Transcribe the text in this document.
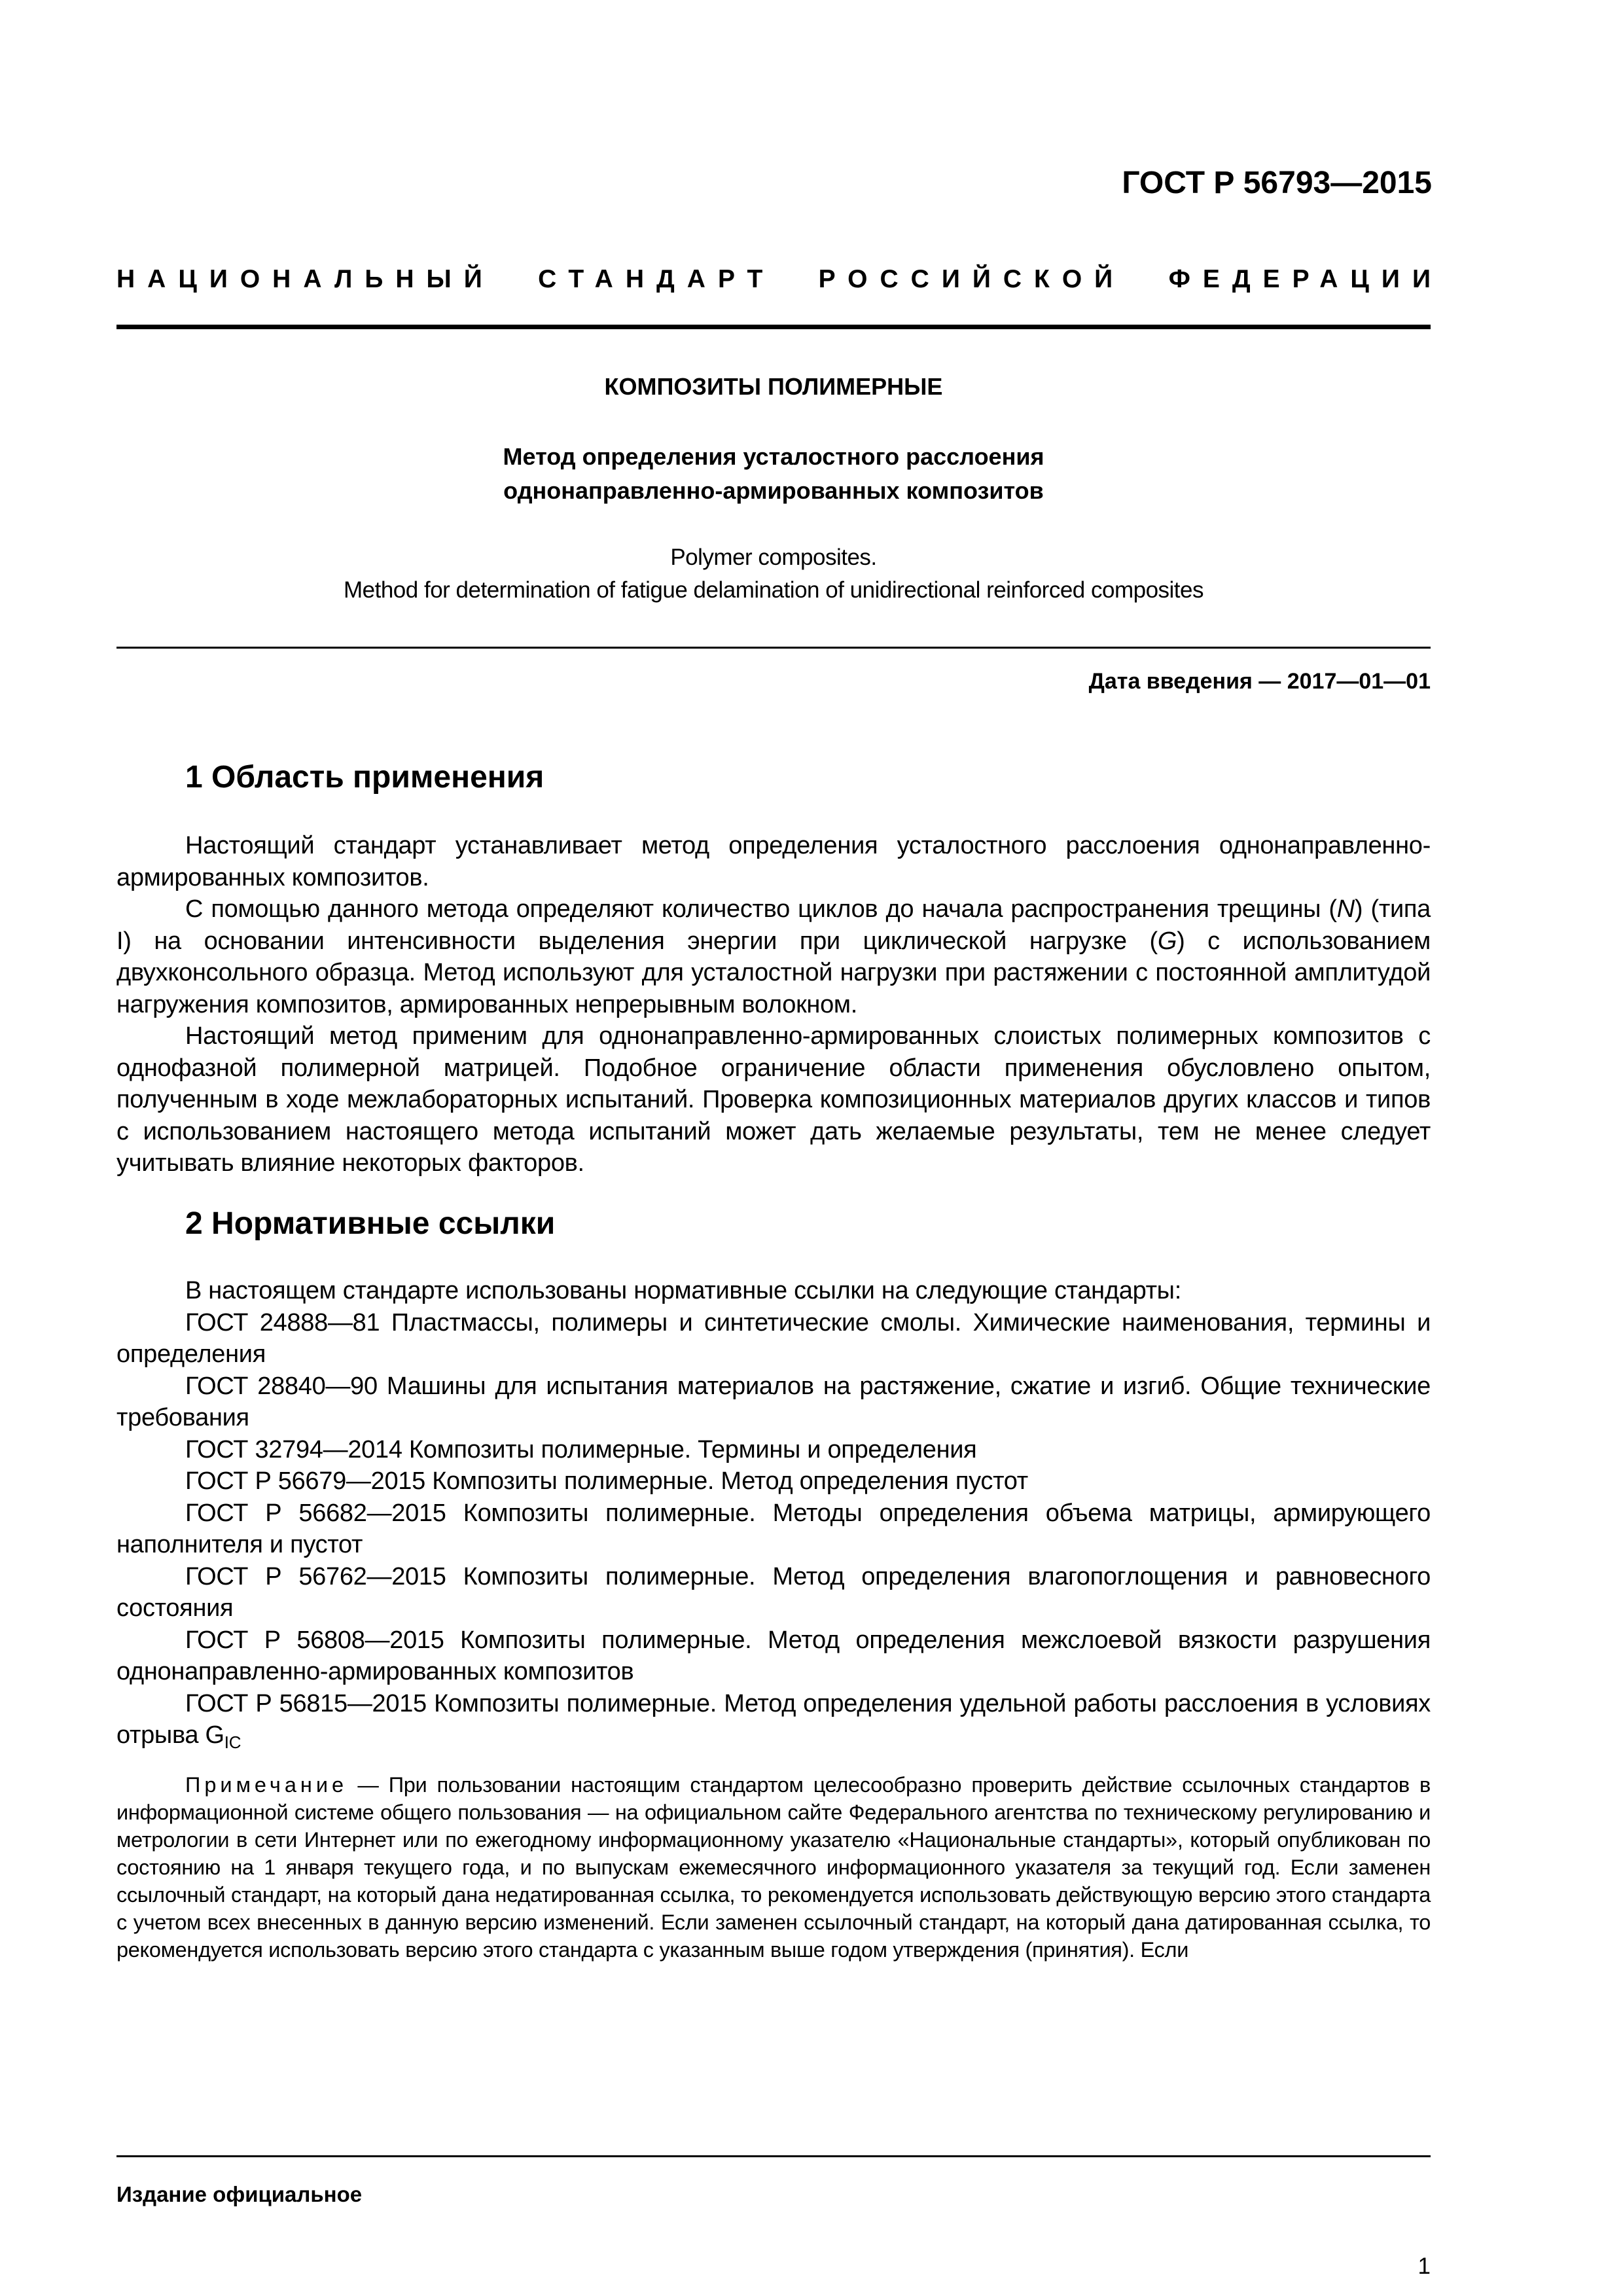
ГОСТ Р 56793—2015
НАЦИОНАЛЬНЫЙ СТАНДАРТ РОССИЙСКОЙ ФЕДЕРАЦИИ
КОМПОЗИТЫ ПОЛИМЕРНЫЕ
Метод определения усталостного расслоения
однонаправленно-армированных композитов
Polymer composites.
Method for determination of fatigue delamination of unidirectional reinforced composites
Дата введения — 2017—01—01
1 Область применения

Настоящий стандарт устанавливает метод определения усталостного расслоения однонаправленно-армированных композитов.

С помощью данного метода определяют количество циклов до начала распространения трещины (N) (типа I) на основании интенсивности выделения энергии при циклической нагрузке (G) с использованием двухконсольного образца. Метод используют для усталостной нагрузки при растяжении с постоянной амплитудой нагружения композитов, армированных непрерывным волокном.

Настоящий метод применим для однонаправленно-армированных слоистых полимерных композитов с однофазной полимерной матрицей. Подобное ограничение области применения обусловлено опытом, полученным в ходе межлабораторных испытаний. Проверка композиционных материалов других классов и типов с использованием настоящего метода испытаний может дать желаемые результаты, тем не менее следует учитывать влияние некоторых факторов.

2 Нормативные ссылки

В настоящем стандарте использованы нормативные ссылки на следующие стандарты:

ГОСТ 24888—81 Пластмассы, полимеры и синтетические смолы. Химические наименования, термины и определения

ГОСТ 28840—90 Машины для испытания материалов на растяжение, сжатие и изгиб. Общие технические требования

ГОСТ 32794—2014 Композиты полимерные. Термины и определения

ГОСТ Р 56679—2015 Композиты полимерные. Метод определения пустот

ГОСТ Р 56682—2015 Композиты полимерные. Методы определения объема матрицы, армирующего наполнителя и пустот

ГОСТ Р 56762—2015 Композиты полимерные. Метод определения влагопоглощения и равновесного состояния

ГОСТ Р 56808—2015 Композиты полимерные. Метод определения межслоевой вязкости разрушения однонаправленно-армированных композитов

ГОСТ Р 56815—2015 Композиты полимерные. Метод определения удельной работы расслоения в условиях отрыва $G_{IC}$

Примечание — При пользовании настоящим стандартом целесообразно проверить действие ссылочных стандартов в информационной системе общего пользования — на официальном сайте Федерального агентства по техническому регулированию и метрологии в сети Интернет или по ежегодному информационному указателю «Национальные стандарты», который опубликован по состоянию на 1 января текущего года, и по выпускам ежемесячного информационного указателя за текущий год. Если заменен ссылочный стандарт, на который дана недатированная ссылка, то рекомендуется использовать действующую версию этого стандарта с учетом всех внесенных в данную версию изменений. Если заменен ссылочный стандарт, на который дана датированная ссылка, то рекомендуется использовать версию этого стандарта с указанным выше годом утверждения (принятия). Если

Издание официальное
1
